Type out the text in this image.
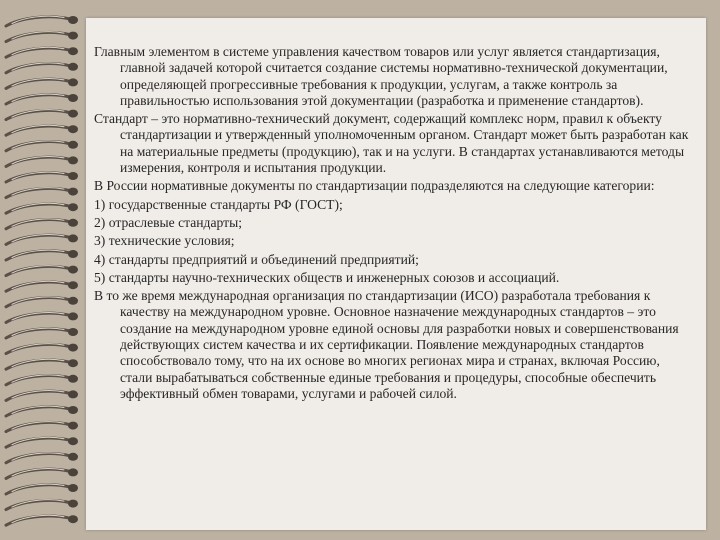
Главным элементом в системе управления качеством товаров или услуг является стандартизация, главной задачей которой считается создание системы нормативно-технической документации, определяющей прогрессивные требования к продукции, услугам, а также контроль за правильностью использования этой документации (разработка и применение стандартов).

Стандарт – это нормативно-технический документ, содержащий комплекс норм, правил к объекту стандартизации и утвержденный уполномоченным органом. Стандарт может быть разработан как на материальные предметы (продукцию), так и на услуги. В стандартах устанавливаются методы измерения, контроля и испытания продукции.

В России нормативные документы по стандартизации подразделяются на следующие категории:

1) государственные стандарты РФ (ГОСТ);

2) отраслевые стандарты;

3) технические условия;

4) стандарты предприятий и объединений предприятий;

5) стандарты научно-технических обществ и инженерных союзов и ассоциаций.

В то же время международная организация по стандартизации (ИСО) разработала требования к качеству на международном уровне. Основное назначение международных стандартов – это создание на международном уровне единой основы для разработки новых и совершенствования действующих систем качества и их сертификации. Появление международных стандартов способствовало тому, что на их основе во многих регионах мира и странах, включая Россию, стали вырабатываться собственные единые требования и процедуры, способные обеспечить эффективный обмен товарами, услугами и рабочей силой.
